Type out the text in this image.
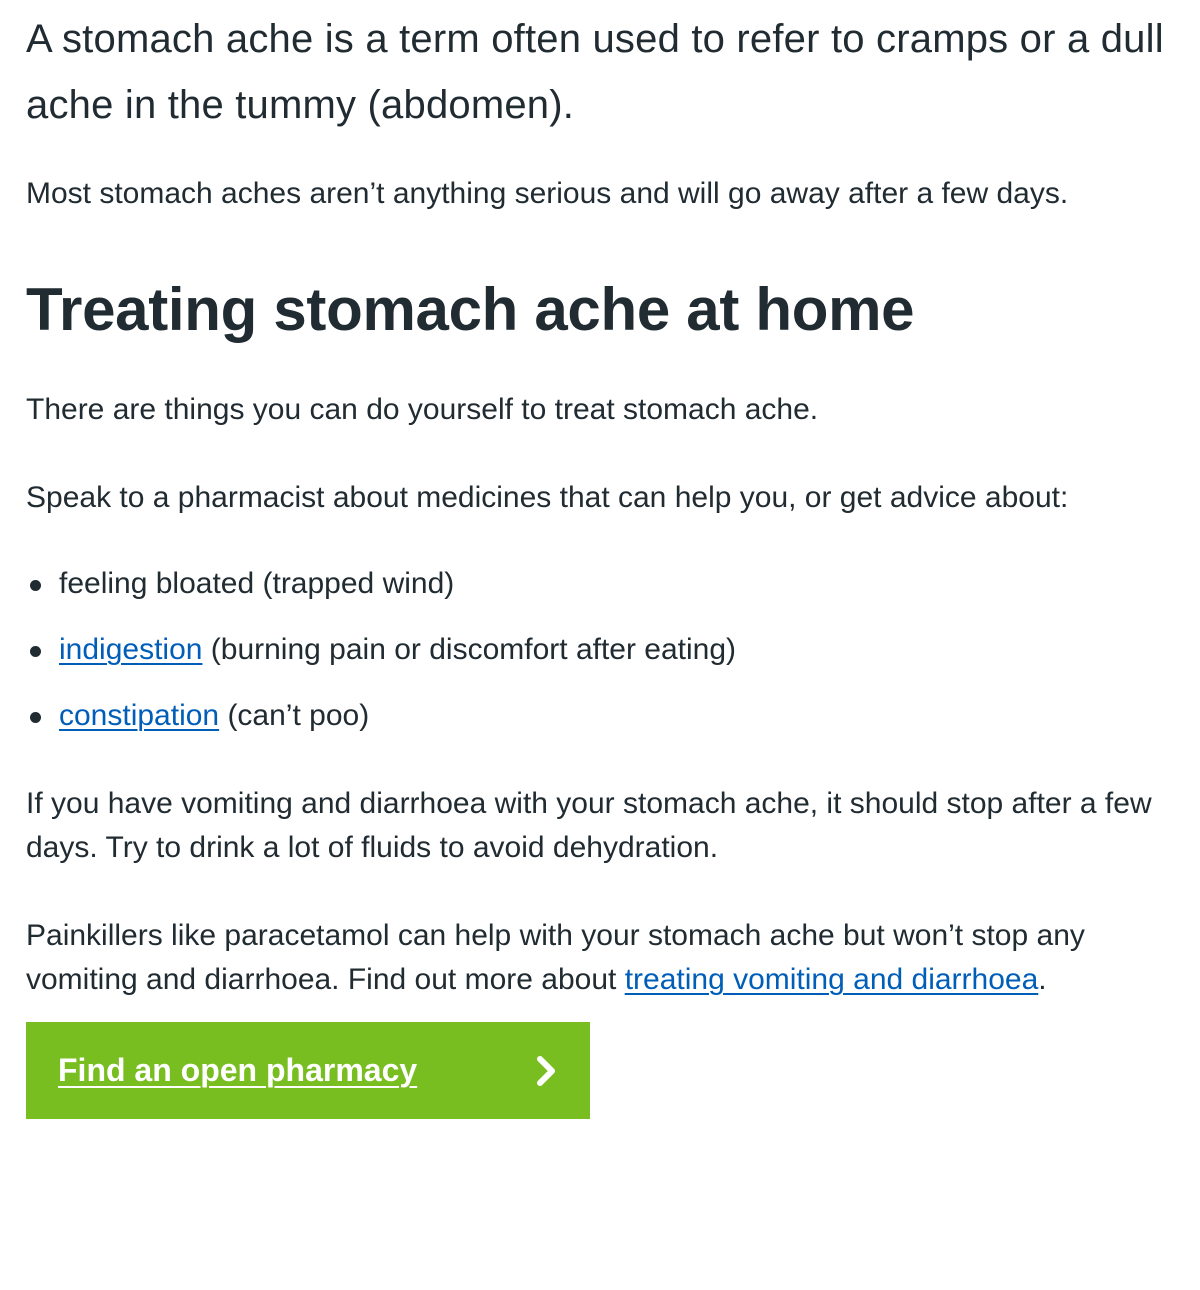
A stomach ache is a term often used to refer to cramps or a dull ache in the tummy (abdomen).

Most stomach aches aren’t anything serious and will go away after a few days.

Treating stomach ache at home

There are things you can do yourself to treat stomach ache.

Speak to a pharmacist about medicines that can help you, or get advice about:

feeling bloated (trapped wind)
indigestion (burning pain or discomfort after eating)
constipation (can’t poo)

If you have vomiting and diarrhoea with your stomach ache, it should stop after a few days. Try to drink a lot of fluids to avoid dehydration.

Painkillers like paracetamol can help with your stomach ache but won’t stop any vomiting and diarrhoea. Find out more about treating vomiting and diarrhoea.

Find an open pharmacy
